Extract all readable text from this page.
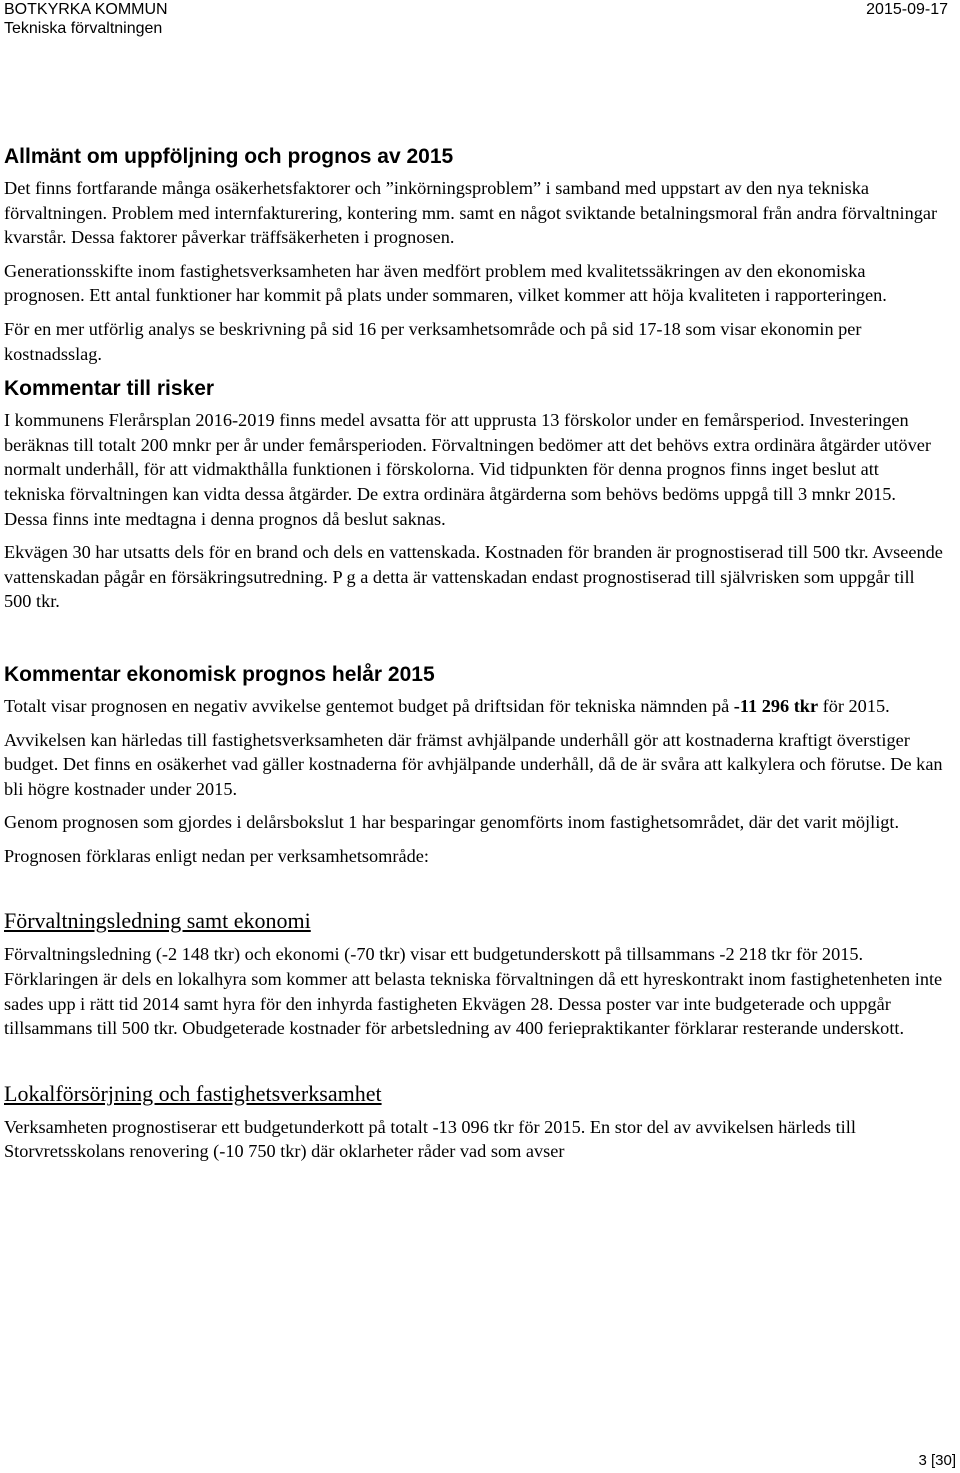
BOTKYRKA KOMMUN
Tekniska förvaltningen
2015-09-17
Allmänt om uppföljning och prognos av 2015

Det finns fortfarande många osäkerhetsfaktorer och ”inkörningsproblem” i samband med uppstart av den nya tekniska förvaltningen. Problem med internfakturering, kontering mm. samt en något sviktande betalningsmoral från andra förvaltningar kvarstår. Dessa faktorer påverkar träffsäkerheten i prognosen.

Generationsskifte inom fastighetsverksamheten har även medfört problem med kvalitetssäkringen av den ekonomiska prognosen. Ett antal funktioner har kommit på plats under sommaren, vilket kommer att höja kvaliteten i rapporteringen.

För en mer utförlig analys se beskrivning på sid 16 per verksamhetsområde och på sid 17-18 som visar ekonomin per kostnadsslag.

Kommentar till risker

I kommunens Flerårsplan 2016-2019 finns medel avsatta för att upprusta 13 förskolor under en femårsperiod. Investeringen beräknas till totalt 200 mnkr per år under femårsperioden. Förvaltningen bedömer att det behövs extra ordinära åtgärder utöver normalt underhåll, för att vidmakthålla funktionen i förskolorna. Vid tidpunkten för denna prognos finns inget beslut att tekniska förvaltningen kan vidta dessa åtgärder. De extra ordinära åtgärderna som behövs bedöms uppgå till 3 mnkr 2015. Dessa finns inte medtagna i denna prognos då beslut saknas.

Ekvägen 30 har utsatts dels för en brand och dels en vattenskada. Kostnaden för branden är prognostiserad till 500 tkr. Avseende vattenskadan pågår en försäkringsutredning. P g a detta är vattenskadan endast prognostiserad till självrisken som uppgår till 500 tkr.

Kommentar ekonomisk prognos helår 2015

Totalt visar prognosen en negativ avvikelse gentemot budget på driftsidan för tekniska nämnden på -11 296 tkr för 2015.

Avvikelsen kan härledas till fastighetsverksamheten där främst avhjälpande underhåll gör att kostnaderna kraftigt överstiger budget. Det finns en osäkerhet vad gäller kostnaderna för avhjälpande underhåll, då de är svåra att kalkylera och förutse. De kan bli högre kostnader under 2015.

Genom prognosen som gjordes i delårsbokslut 1 har besparingar genomförts inom fastighetsområdet, där det varit möjligt.

Prognosen förklaras enligt nedan per verksamhetsområde:

Förvaltningsledning samt ekonomi

Förvaltningsledning (-2 148 tkr) och ekonomi (-70 tkr) visar ett budgetunderskott på tillsammans -2 218 tkr för 2015. Förklaringen är dels en lokalhyra som kommer att belasta tekniska förvaltningen då ett hyreskontrakt inom fastighetenheten inte sades upp i rätt tid 2014 samt hyra för den inhyrda fastigheten Ekvägen 28. Dessa poster var inte budgeterade och uppgår tillsammans till 500 tkr. Obudgeterade kostnader för arbetsledning av 400 feriepraktikanter förklarar resterande underskott.

Lokalförsörjning och fastighetsverksamhet

Verksamheten prognostiserar ett budgetunderkott på totalt -13 096 tkr för 2015. En stor del av avvikelsen härleds till Storvretsskolans renovering (-10 750 tkr) där oklarheter råder vad som avser

3 [30]
